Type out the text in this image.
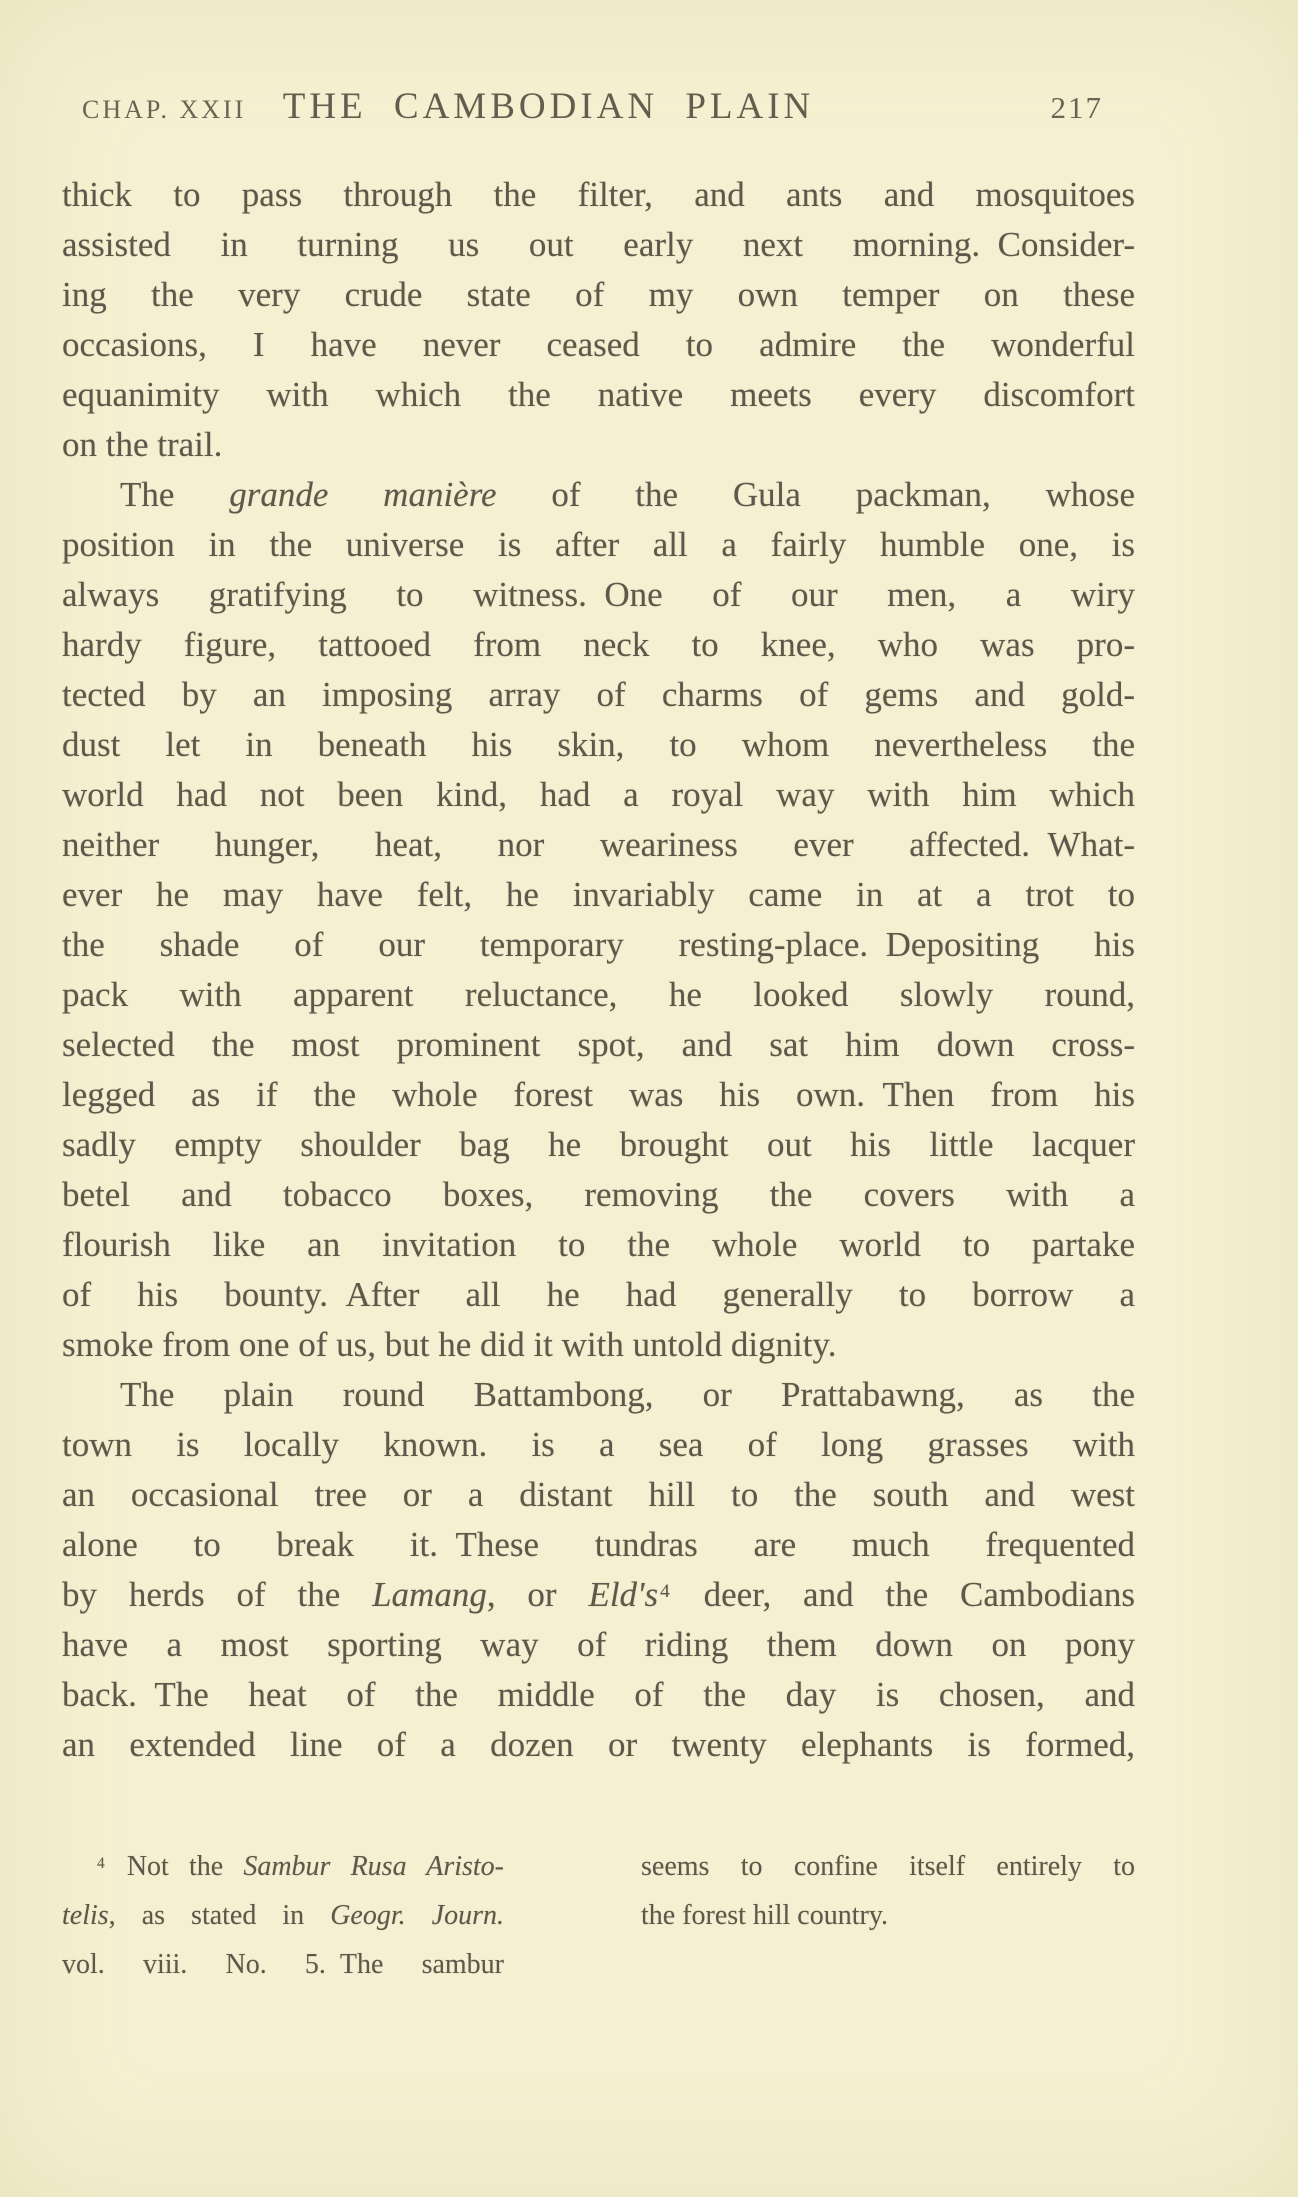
CHAP. XXII THE CAMBODIAN PLAIN	217
thick to pass through the filter, and ants and mosquitoes
assisted in turning us out early next morning. Consider-
ing the very crude state of my own temper on these
occasions, I have never ceased to admire the wonderful
equanimity with which the native meets every discomfort
on the trail.
The grande manière of the Gula packman, whose
position in the universe is after all a fairly humble one, is
always gratifying to witness. One of our men, a wiry
hardy figure, tattooed from neck to knee, who was pro-
tected by an imposing array of charms of gems and gold-
dust let in beneath his skin, to whom nevertheless the
world had not been kind, had a royal way with him which
neither hunger, heat, nor weariness ever affected. What-
ever he may have felt, he invariably came in at a trot to
the shade of our temporary resting-place. Depositing his
pack with apparent reluctance, he looked slowly round,
selected the most prominent spot, and sat him down cross-
legged as if the whole forest was his own. Then from his
sadly empty shoulder bag he brought out his little lacquer
betel and tobacco boxes, removing the covers with a
flourish like an invitation to the whole world to partake
of his bounty. After all he had generally to borrow a
smoke from one of us, but he did it with untold dignity.
The plain round Battambong, or Prattabawng, as the
town is locally known. is a sea of long grasses with
an occasional tree or a distant hill to the south and west
alone to break it. These tundras are much frequented
by herds of the Lamang, or Eld's $^4$ deer, and the Cambodians
have a most sporting way of riding them down on pony
back. The heat of the middle of the day is chosen, and
an extended line of a dozen or twenty elephants is formed,
$^4$ Not the Sambur Rusa Aristo-
telis, as stated in Geogr. Journ.
vol. viii. No. 5. The sambur
seems to confine itself entirely to
the forest hill country.
